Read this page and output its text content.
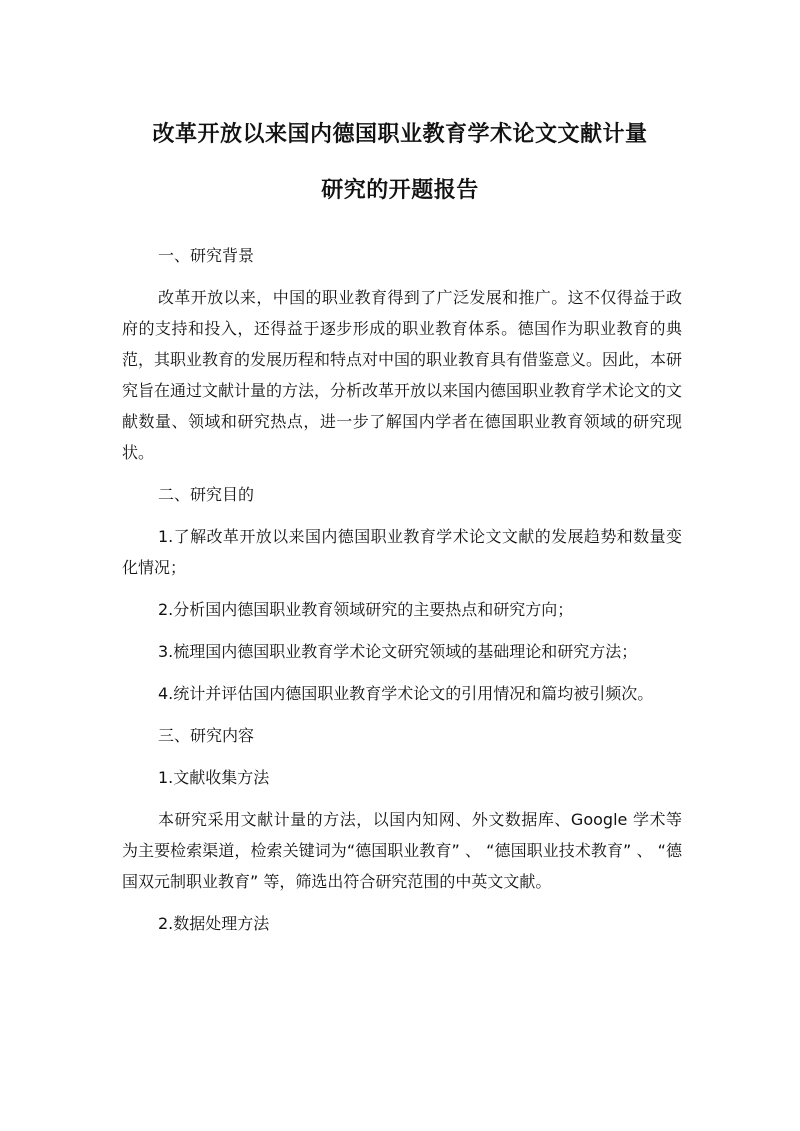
改革开放以来国内德国职业教育学术论文文献计量
研究的开题报告

一、研究背景

改革开放以来，中国的职业教育得到了广泛发展和推广。这不仅得益于政府的支持和投入，还得益于逐步形成的职业教育体系。德国作为职业教育的典范，其职业教育的发展历程和特点对中国的职业教育具有借鉴意义。因此，本研究旨在通过文献计量的方法，分析改革开放以来国内德国职业教育学术论文的文献数量、领域和研究热点，进一步了解国内学者在德国职业教育领域的研究现状。

二、研究目的

1.了解改革开放以来国内德国职业教育学术论文文献的发展趋势和数量变化情况；

2.分析国内德国职业教育领域研究的主要热点和研究方向；

3.梳理国内德国职业教育学术论文研究领域的基础理论和研究方法；

4.统计并评估国内德国职业教育学术论文的引用情况和篇均被引频次。

三、研究内容

1.文献收集方法

本研究采用文献计量的方法，以国内知网、外文数据库、Google 学术等为主要检索渠道，检索关键词为“德国职业教育” 、 “德国职业技术教育” 、 “德国双元制职业教育” 等，筛选出符合研究范围的中英文文献。

2.数据处理方法
